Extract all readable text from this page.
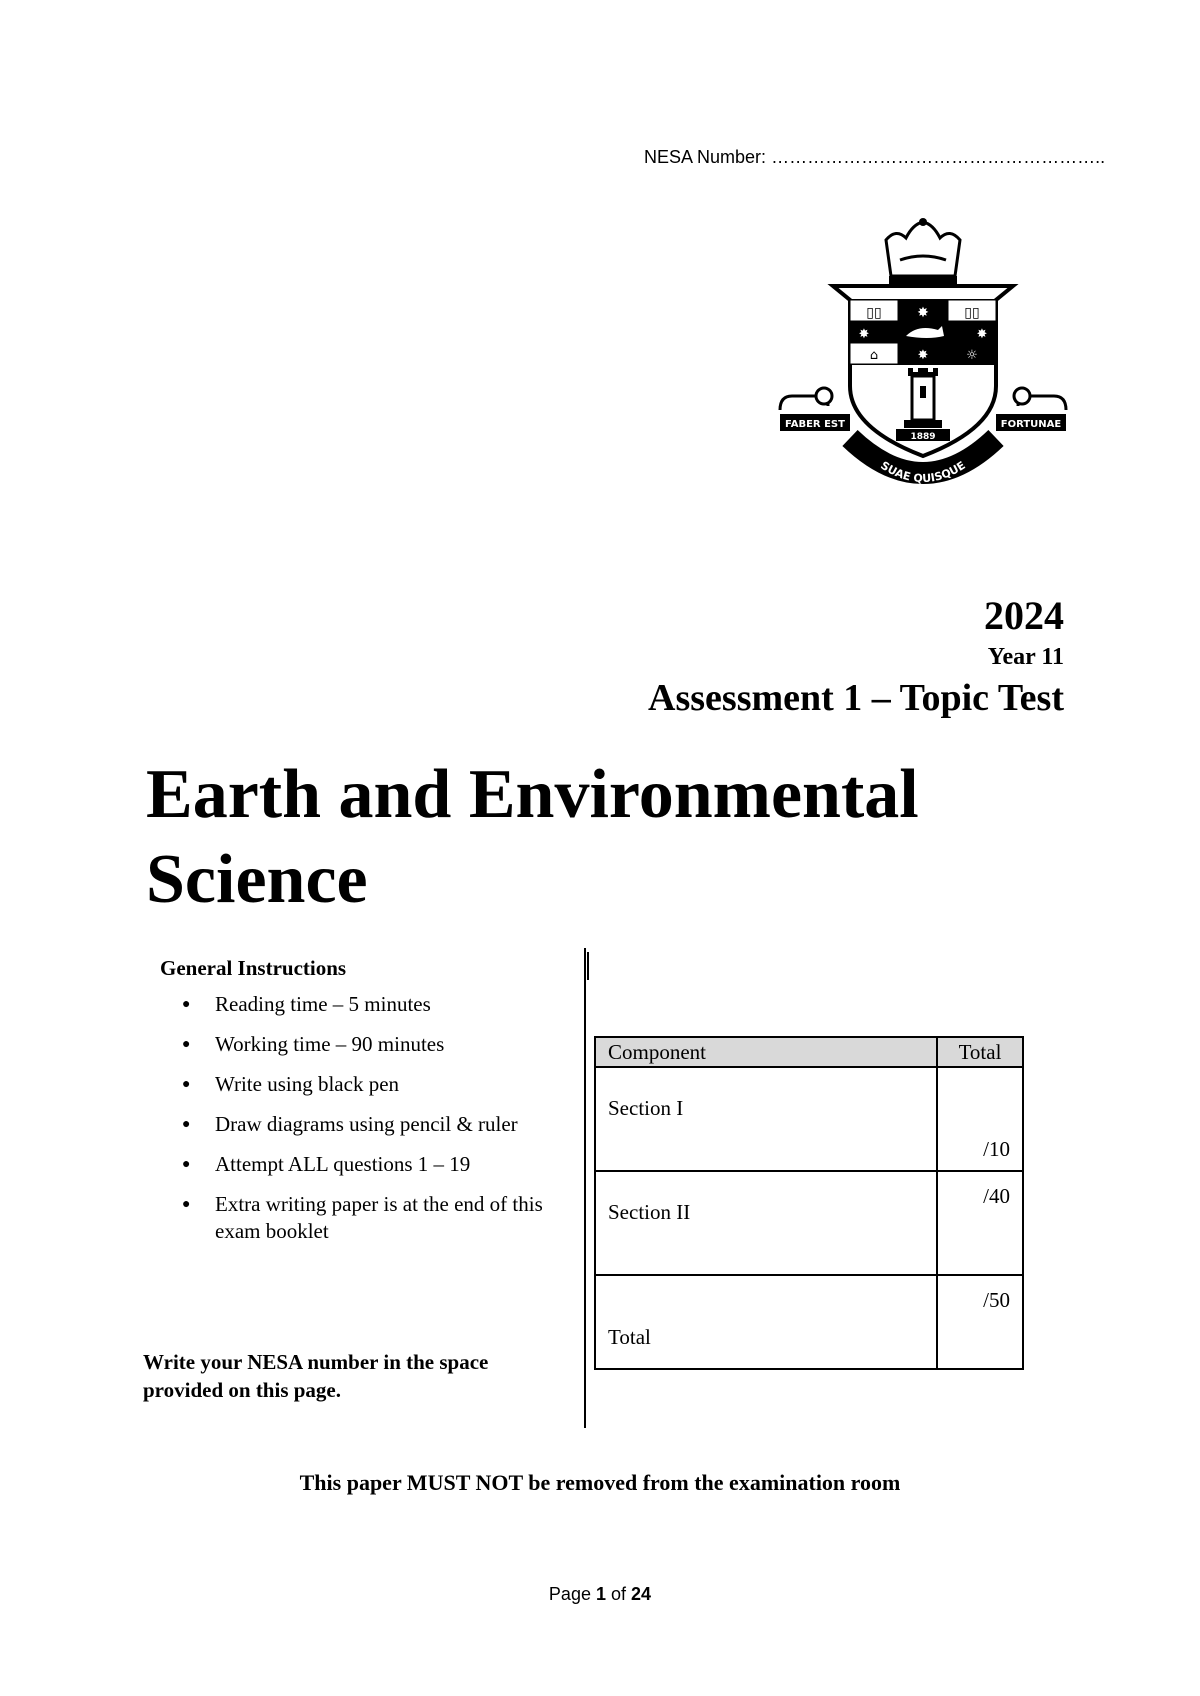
NESA Number: ………………………………………………..
▯▯	▯▯
✸
✸	✸
⌂	✸	☼
1889
FABER EST	FORTUNAE
SUAE QUISQUE
2024
Year 11
Assessment 1 – Topic Test
Earth and Environmental
Science
General Instructions
● Reading time – 5 minutes
● Working time – 90 minutes
● Write using black pen
● Draw diagrams using pencil & ruler
● Attempt ALL questions 1 – 19
● Extra writing paper is at the end of this exam booklet
Write your NESA number in the space provided on this page.
Component	Total
Section I	/10
Section II	/40
Total	/50
This paper MUST NOT be removed from the examination room
Page 1 of 24
